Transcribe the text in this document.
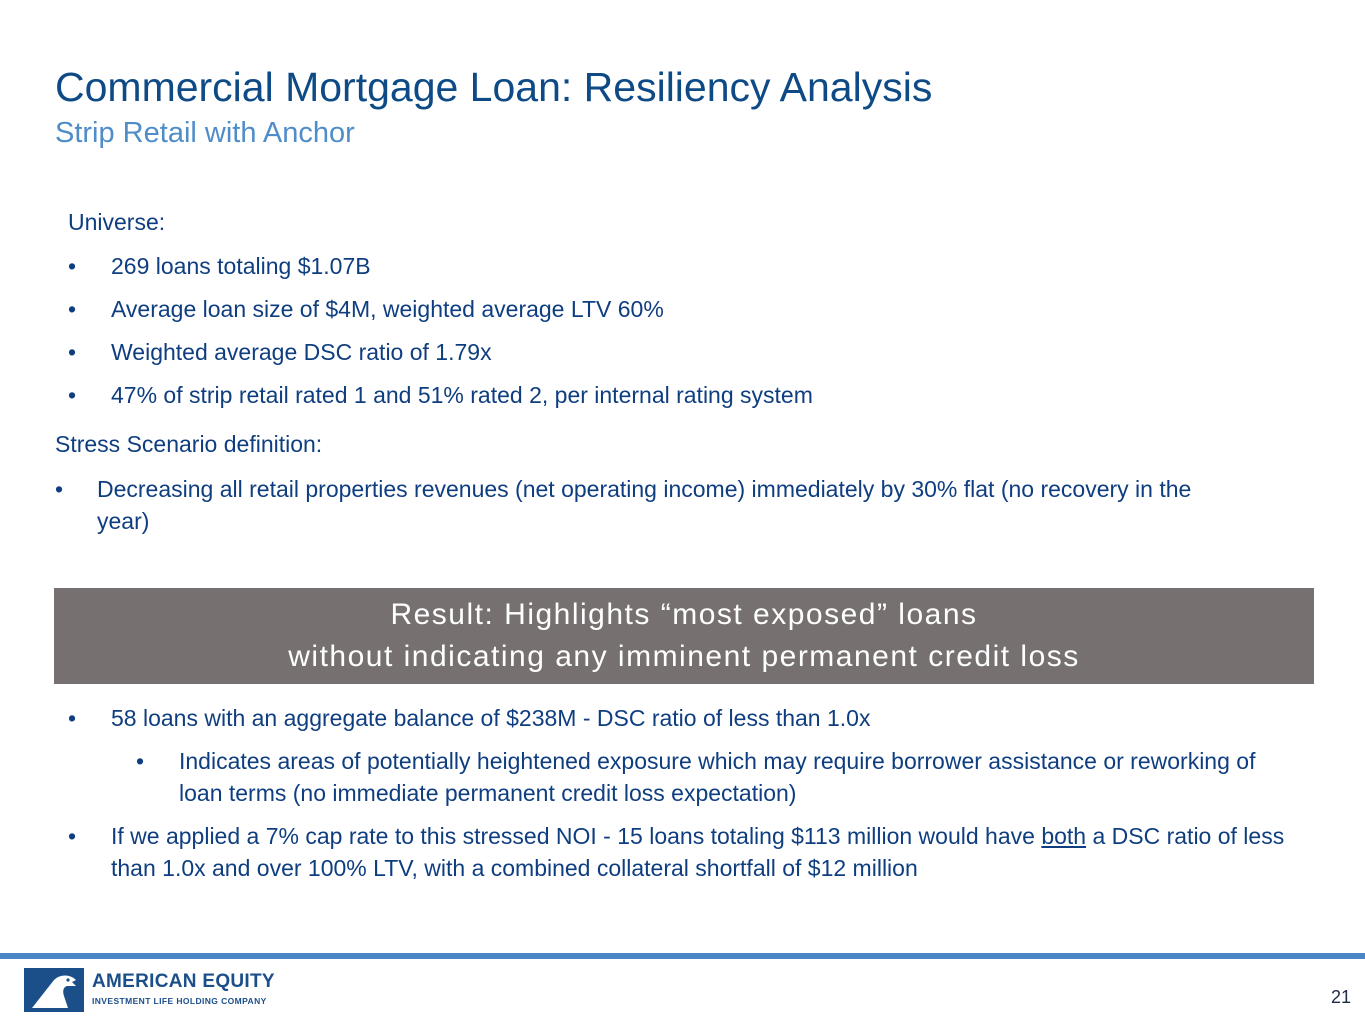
Commercial Mortgage Loan: Resiliency Analysis
Strip Retail with Anchor
Universe:
• 269 loans totaling $1.07B
• Average loan size of $4M, weighted average LTV 60%
• Weighted average DSC ratio of 1.79x
• 47% of strip retail rated 1 and 51% rated 2, per internal rating system
Stress Scenario definition:
• Decreasing all retail properties revenues (net operating income) immediately by 30% flat (no recovery in the year)
Result: Highlights “most exposed” loans
without indicating any imminent permanent credit loss
• 58 loans with an aggregate balance of $238M - DSC ratio of less than 1.0x
• Indicates areas of potentially heightened exposure which may require borrower assistance or reworking of loan terms (no immediate permanent credit loss expectation)
• If we applied a 7% cap rate to this stressed NOI - 15 loans totaling $113 million would have both a DSC ratio of less than 1.0x and over 100% LTV, with a combined collateral shortfall of $12 million
AMERICAN EQUITY
INVESTMENT LIFE HOLDING COMPANY	21
